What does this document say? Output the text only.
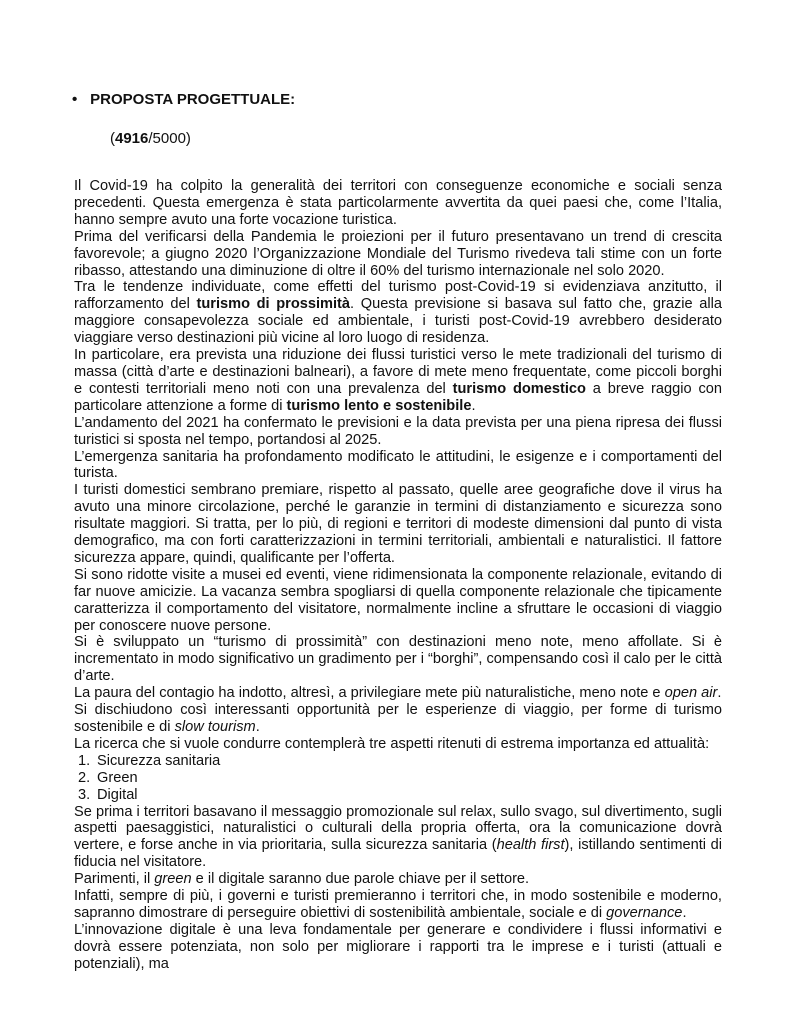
• PROPOSTA PROGETTUALE:
(4916/5000)

Il Covid-19 ha colpito la generalità dei territori con conseguenze economiche e sociali senza precedenti. Questa emergenza è stata particolarmente avvertita da quei paesi che, come l’Italia, hanno sempre avuto una forte vocazione turistica.

Prima del verificarsi della Pandemia le proiezioni per il futuro presentavano un trend di crescita favorevole; a giugno 2020 l’Organizzazione Mondiale del Turismo rivedeva tali stime con un forte ribasso, attestando una diminuzione di oltre il 60% del turismo internazionale nel solo 2020.

Tra le tendenze individuate, come effetti del turismo post-Covid-19 si evidenziava anzitutto, il rafforzamento del turismo di prossimità. Questa previsione si basava sul fatto che, grazie alla maggiore consapevolezza sociale ed ambientale, i turisti post-Covid-19 avrebbero desiderato viaggiare verso destinazioni più vicine al loro luogo di residenza.

In particolare, era prevista una riduzione dei flussi turistici verso le mete tradizionali del turismo di massa (città d’arte e destinazioni balneari), a favore di mete meno frequentate, come piccoli borghi e contesti territoriali meno noti con una prevalenza del turismo domestico a breve raggio con particolare attenzione a forme di turismo lento e sostenibile.

L’andamento del 2021 ha confermato le previsioni e la data prevista per una piena ripresa dei flussi turistici si sposta nel tempo, portandosi al 2025.

L’emergenza sanitaria ha profondamento modificato le attitudini, le esigenze e i comportamenti del turista.

I turisti domestici sembrano premiare, rispetto al passato, quelle aree geografiche dove il virus ha avuto una minore circolazione, perché le garanzie in termini di distanziamento e sicurezza sono risultate maggiori. Si tratta, per lo più, di regioni e territori di modeste dimensioni dal punto di vista demografico, ma con forti caratterizzazioni in termini territoriali, ambientali e naturalistici. Il fattore sicurezza appare, quindi, qualificante per l’offerta.

Si sono ridotte visite a musei ed eventi, viene ridimensionata la componente relazionale, evitando di far nuove amicizie. La vacanza sembra spogliarsi di quella componente relazionale che tipicamente caratterizza il comportamento del visitatore, normalmente incline a sfruttare le occasioni di viaggio per conoscere nuove persone.

Si è sviluppato un “turismo di prossimità” con destinazioni meno note, meno affollate. Si è incrementato in modo significativo un gradimento per i “borghi”, compensando così il calo per le città d’arte.

La paura del contagio ha indotto, altresì, a privilegiare mete più naturalistiche, meno note e open air.

Si dischiudono così interessanti opportunità per le esperienze di viaggio, per forme di turismo sostenibile e di slow tourism.

La ricerca che si vuole condurre contemplerà tre aspetti ritenuti di estrema importanza ed attualità:

1. Sicurezza sanitaria
2. Green
3. Digital

Se prima i territori basavano il messaggio promozionale sul relax, sullo svago, sul divertimento, sugli aspetti paesaggistici, naturalistici o culturali della propria offerta, ora la comunicazione dovrà vertere, e forse anche in via prioritaria, sulla sicurezza sanitaria (health first), istillando sentimenti di fiducia nel visitatore.

Parimenti, il green e il digitale saranno due parole chiave per il settore.

Infatti, sempre di più, i governi e turisti premieranno i territori che, in modo sostenibile e moderno, sapranno dimostrare di perseguire obiettivi di sostenibilità ambientale, sociale e di governance.

L’innovazione digitale è una leva fondamentale per generare e condividere i flussi informativi e dovrà essere potenziata, non solo per migliorare i rapporti tra le imprese e i turisti (attuali e potenziali), ma
